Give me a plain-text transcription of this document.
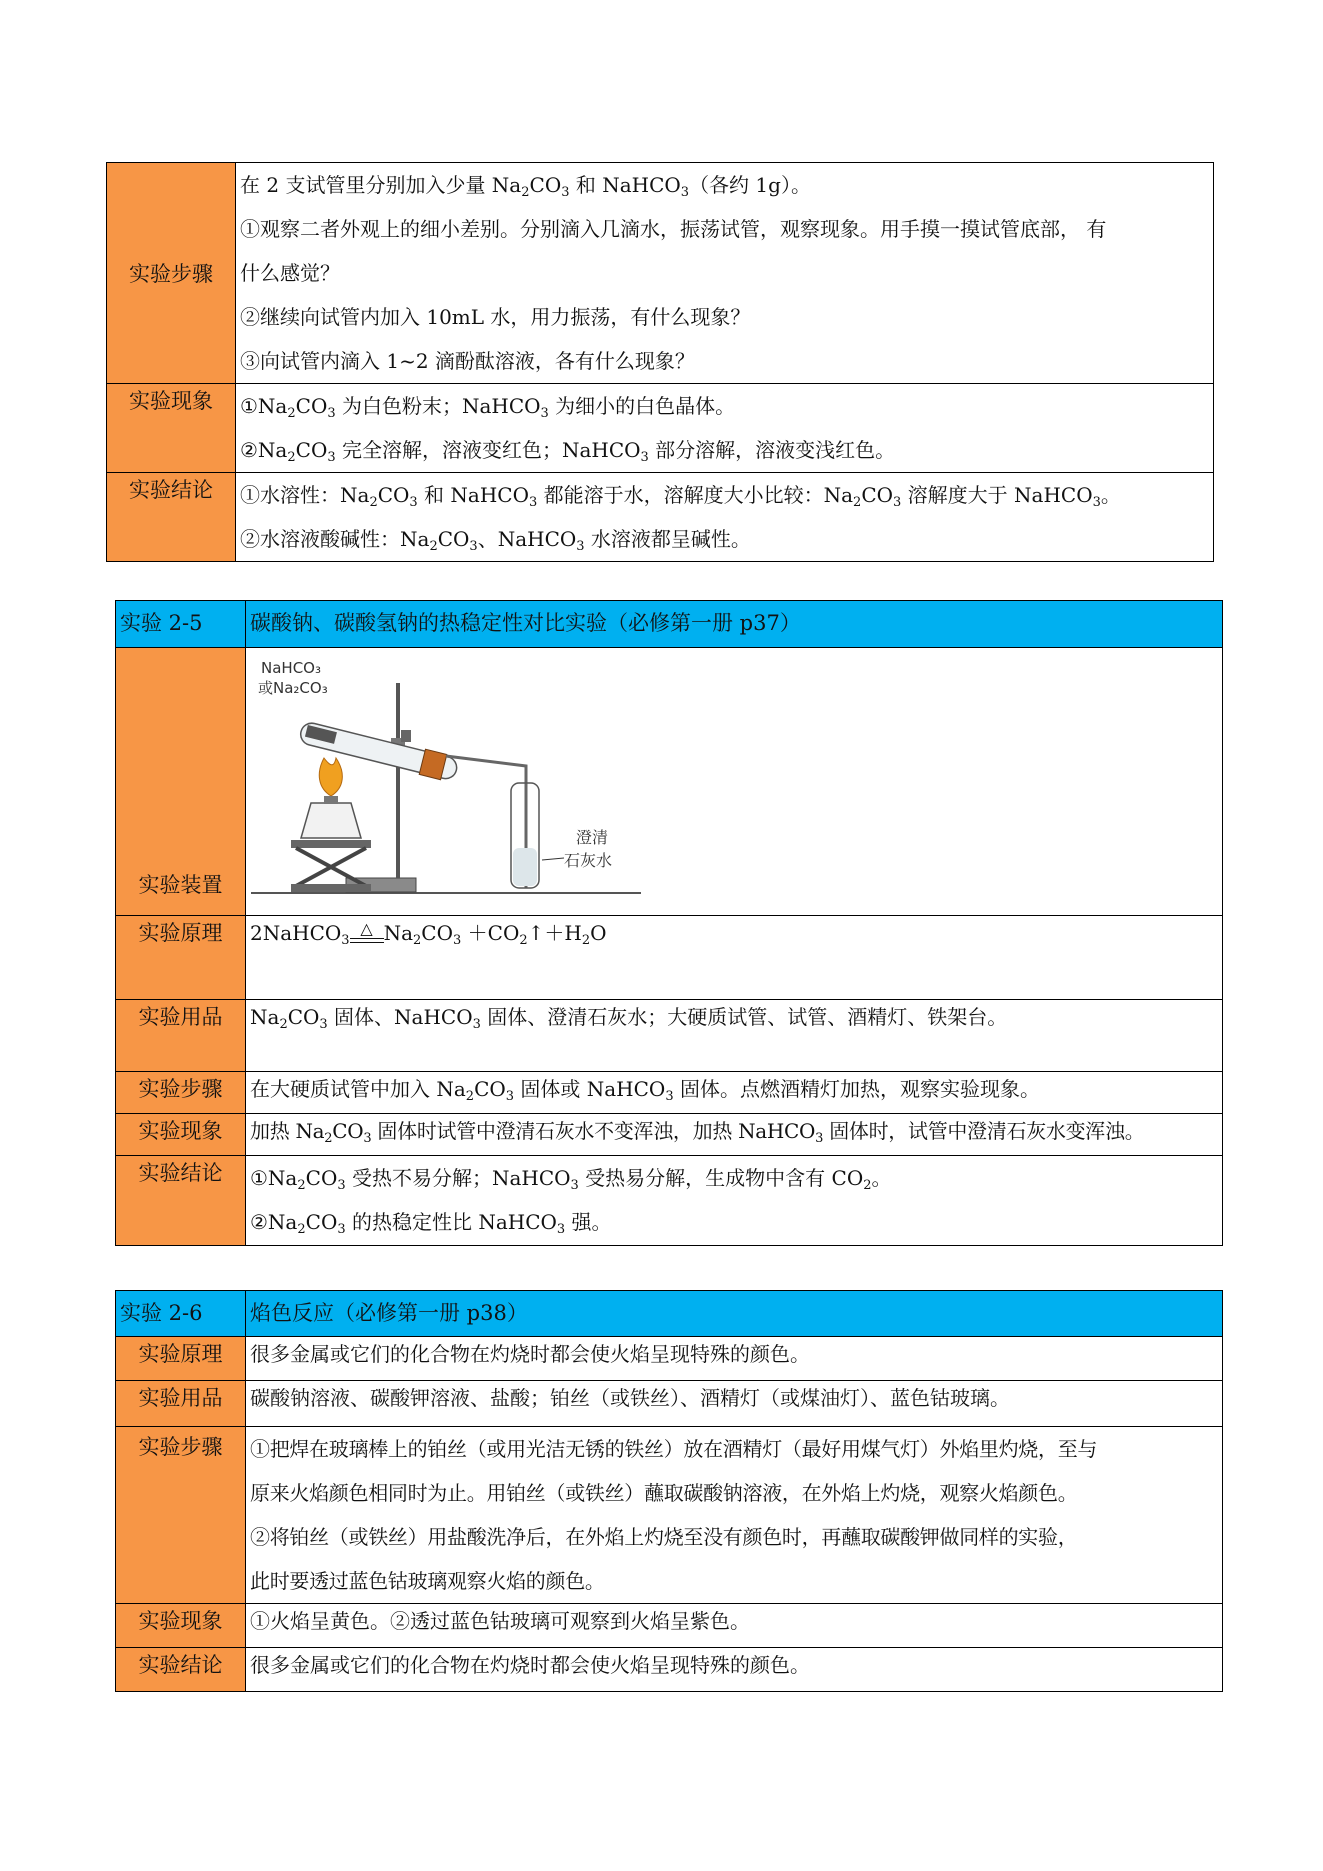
实验步骤	在 2 支试管里分别加入少量 $Na_2CO_3$ 和 NaHCO$_3$（各约 1g）。
①观察二者外观上的细小差别。分别滴入几滴水，振荡试管，观察现象。用手摸一摸试管底部， 有
什么感觉？
②继续向试管内加入 10mL 水，用力振荡，有什么现象？
③向试管内滴入 1~2 滴酚酞溶液，各有什么现象？

实验现象	$①Na_2CO_3$ 为白色粉末；NaHCO$_3$ 为细小的白色晶体。
$②Na_2CO_3$ 完全溶解，溶液变红色；NaHCO$_3$ 部分溶解，溶液变浅红色。

实验结论	①水溶性：$Na_2CO_3$ 和 NaHCO$_3$ 都能溶于水，溶解度大小比较：$Na_2CO_3$ 溶解度大于 NaHCO$_3$。
②水溶液酸碱性：$Na_2CO_3$、NaHCO$_3$ 水溶液都呈碱性。
实验 2-5	碳酸钠、碳酸氢钠的热稳定性对比实验（必修第一册 p37）
实验装置	NaHCO₃
或Na₂CO₃
澄清
石灰水

实验原理	2NaHCO$_3$△ $Na_2CO_3$ $+CO_2↑+H_2O$
实验用品	$Na_2CO_3$ 固体、NaHCO$_3$ 固体、澄清石灰水；大硬质试管、试管、酒精灯、铁架台。

实验步骤	在大硬质试管中加入 $Na_2CO_3$ 固体或 NaHCO$_3$ 固体。点燃酒精灯加热，观察实验现象。

实验现象	加热 $Na_2CO_3$ 固体时试管中澄清石灰水不变浑浊，加热 NaHCO$_3$ 固体时，试管中澄清石灰水变浑浊。

实验结论	$①Na_2CO_3$ 受热不易分解；NaHCO$_3$ 受热易分解，生成物中含有 $CO_2$。
$②Na_2CO_3$ 的热稳定性比 NaHCO$_3$ 强。
实验 2-6	焰色反应（必修第一册 p38）
实验原理	很多金属或它们的化合物在灼烧时都会使火焰呈现特殊的颜色。

实验用品	碳酸钠溶液、碳酸钾溶液、盐酸；铂丝（或铁丝）、酒精灯（或煤油灯）、蓝色钴玻璃。

实验步骤	①把焊在玻璃棒上的铂丝（或用光洁无锈的铁丝）放在酒精灯（最好用煤气灯）外焰里灼烧，至与
原来火焰颜色相同时为止。用铂丝（或铁丝）蘸取碳酸钠溶液，在外焰上灼烧，观察火焰颜色。
②将铂丝（或铁丝）用盐酸洗净后，在外焰上灼烧至没有颜色时，再蘸取碳酸钾做同样的实验，
此时要透过蓝色钴玻璃观察火焰的颜色。

实验现象	①火焰呈黄色。②透过蓝色钴玻璃可观察到火焰呈紫色。

实验结论	很多金属或它们的化合物在灼烧时都会使火焰呈现特殊的颜色。
